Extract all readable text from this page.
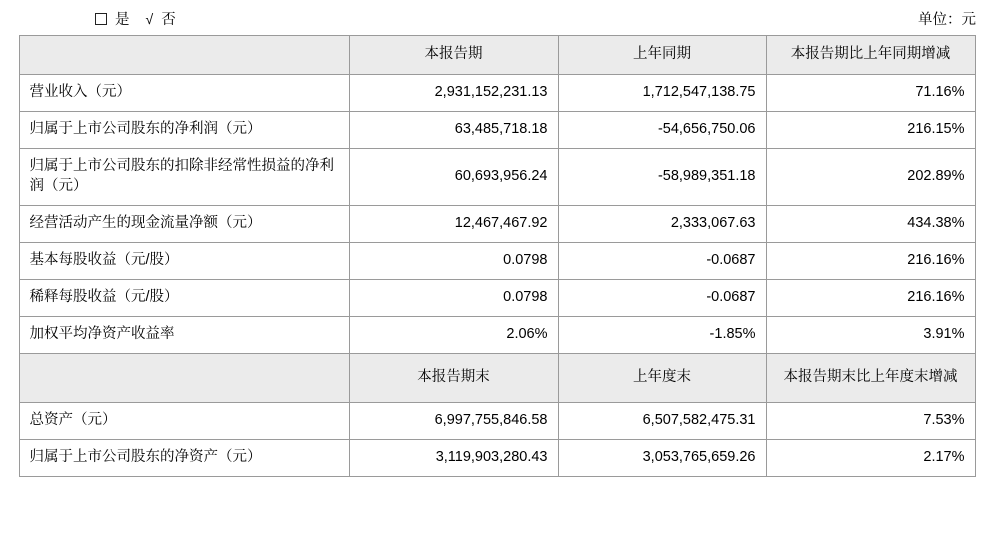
是 √ 否	单位：元
	本报告期	上年同期	本报告期比上年同期增减
营业收入（元）	2,931,152,231.13	1,712,547,138.75	71.16%
归属于上市公司股东的净利润（元）	63,485,718.18	-54,656,750.06	216.15%
归属于上市公司股东的扣除非经常性损益的净利润（元）	60,693,956.24	-58,989,351.18	202.89%
经营活动产生的现金流量净额（元）	12,467,467.92	2,333,067.63	434.38%
基本每股收益（元/股）	0.0798	-0.0687	216.16%
稀释每股收益（元/股）	0.0798	-0.0687	216.16%
加权平均净资产收益率	2.06%	-1.85%	3.91%
	本报告期末	上年度末	本报告期末比上年度末增减
总资产（元）	6,997,755,846.58	6,507,582,475.31	7.53%
归属于上市公司股东的净资产（元）	3,119,903,280.43	3,053,765,659.26	2.17%
